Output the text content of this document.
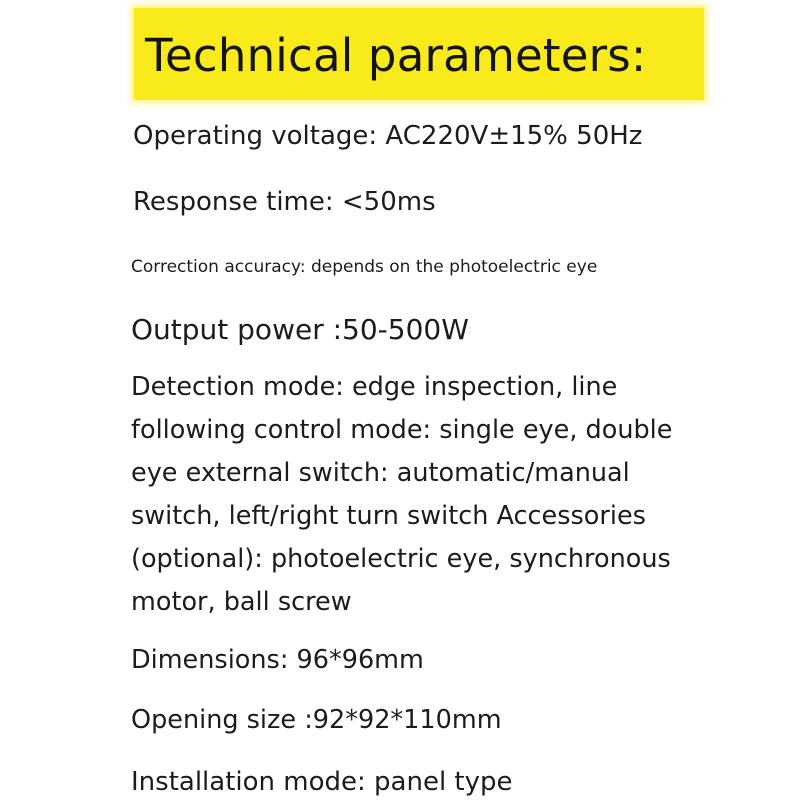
Technical parameters:
Operating voltage: AC220V±15% 50Hz
Response time: <50ms
Correction accuracy: depends on the photoelectric eye
Output power :50-500W
Detection mode: edge inspection, line
following control mode: single eye, double
eye external switch: automatic/manual
switch, left/right turn switch Accessories
(optional): photoelectric eye, synchronous
motor, ball screw
Dimensions: 96*96mm
Opening size :92*92*110mm
Installation mode: panel type
